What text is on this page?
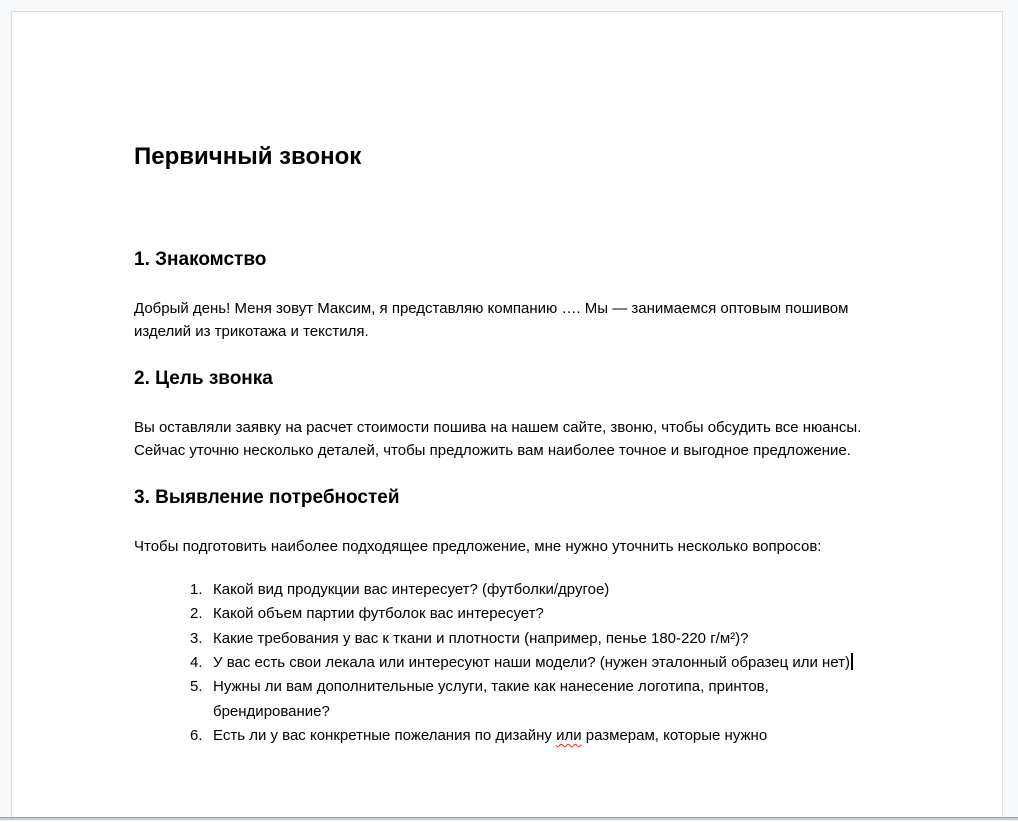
Первичный звонок
1. Знакомство

Добрый день! Меня зовут Максим, я представляю компанию …. Мы — занимаемся оптовым пошивом изделий из трикотажа и текстиля.

2. Цель звонка

Вы оставляли заявку на расчет стоимости пошива на нашем сайте, звоню, чтобы обсудить все нюансы. Сейчас уточню несколько деталей, чтобы предложить вам наиболее точное и выгодное предложение.

3. Выявление потребностей

Чтобы подготовить наиболее подходящее предложение, мне нужно уточнить несколько вопросов:

Какой вид продукции вас интересует? (футболки/другое)
Какой объем партии футболок вас интересует?
Какие требования у вас к ткани и плотности (например, пенье 180-220 г/м²)?
У вас есть свои лекала или интересуют наши модели? (нужен эталонный образец или нет)
Нужны ли вам дополнительные услуги, такие как нанесение логотипа, принтов, брендирование?
Есть ли у вас конкретные пожелания по дизайну или размерам, которые нужно
